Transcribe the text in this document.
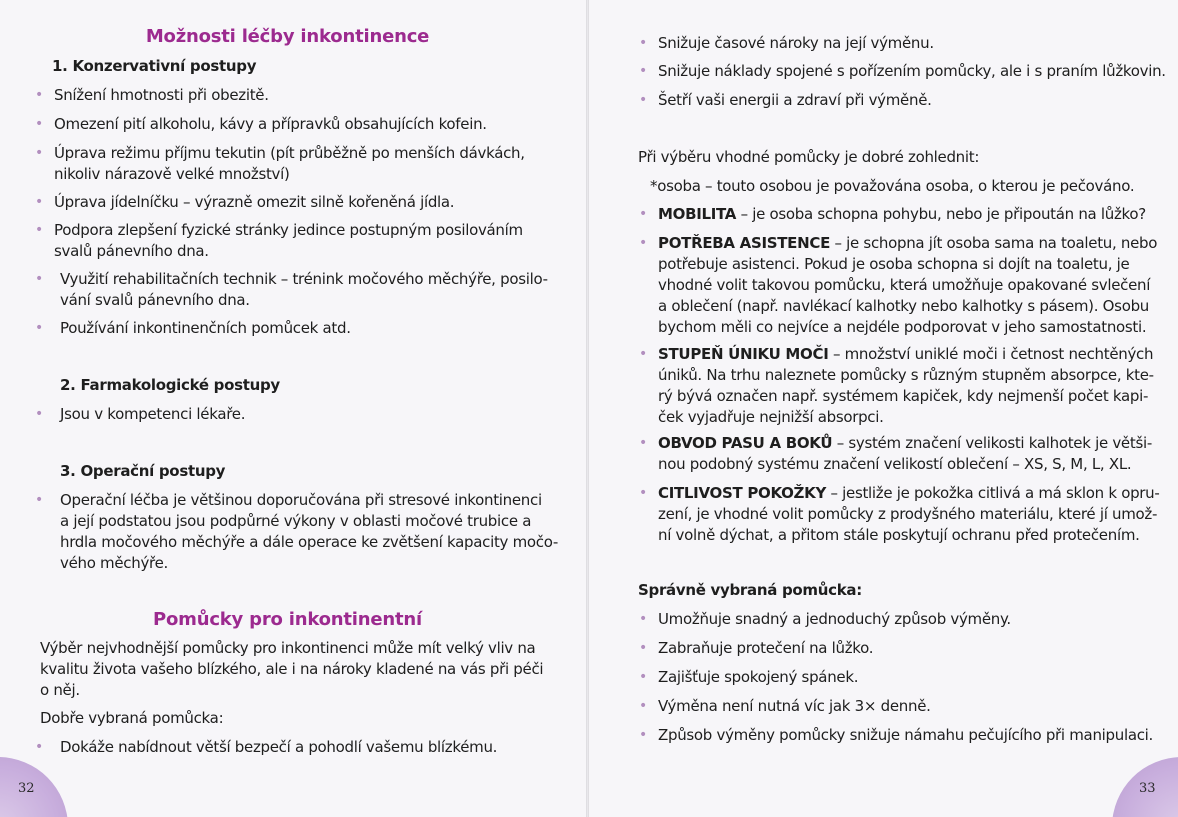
Možnosti léčby inkontinence
1. Konzervativní postupy
• Snížení hmotnosti při obezitě.
• Omezení pití alkoholu, kávy a přípravků obsahujících kofein.
• Úprava režimu příjmu tekutin (pít průběžně po menších dávkách,
nikoliv nárazově velké množství)
• Úprava jídelníčku – výrazně omezit silně kořeněná jídla.
• Podpora zlepšení fyzické stránky jedince postupným posilováním
svalů pánevního dna.
• Využití rehabilitačních technik – trénink močového měchýře, posilo-
vání svalů pánevního dna.
• Používání inkontinenčních pomůcek atd.
2. Farmakologické postupy
• Jsou v kompetenci lékaře.
3. Operační postupy
• Operační léčba je většinou doporučována při stresové inkontinenci
a její podstatou jsou podpůrné výkony v oblasti močové trubice a
hrdla močového měchýře a dále operace ke zvětšení kapacity močo-
vého měchýře.
Pomůcky pro inkontinentní
Výběr nejvhodnější pomůcky pro inkontinenci může mít velký vliv na
kvalitu života vašeho blízkého, ale i na nároky kladené na vás při péči
o něj.
Dobře vybraná pomůcka:
• Dokáže nabídnout větší bezpečí a pohodlí vašemu blízkému.
32
• Snižuje časové nároky na její výměnu.
• Snižuje náklady spojené s pořízením pomůcky, ale i s praním lůžkovin.
• Šetří vaši energii a zdraví při výměně.
Při výběru vhodné pomůcky je dobré zohlednit:
*osoba – touto osobou je považována osoba, o kterou je pečováno.
• MOBILITA – je osoba schopna pohybu, nebo je připoután na lůžko?
• POTŘEBA ASISTENCE – je schopna jít osoba sama na toaletu, nebo
potřebuje asistenci. Pokud je osoba schopna si dojít na toaletu, je
vhodné volit takovou pomůcku, která umožňuje opakované svlečení
a oblečení (např. navlékací kalhotky nebo kalhotky s pásem). Osobu
bychom měli co nejvíce a nejdéle podporovat v jeho samostatnosti.
• STUPEŇ ÚNIKU MOČI – množství uniklé moči i četnost nechtěných
úniků. Na trhu naleznete pomůcky s různým stupněm absorpce, kte-
rý bývá označen např. systémem kapiček, kdy nejmenší počet kapi-
ček vyjadřuje nejnižší absorpci.
• OBVOD PASU A BOKŮ – systém značení velikosti kalhotek je větši-
nou podobný systému značení velikostí oblečení – XS, S, M, L, XL.
• CITLIVOST POKOŽKY – jestliže je pokožka citlivá a má sklon k opru-
zení, je vhodné volit pomůcky z prodyšného materiálu, které jí umož-
ní volně dýchat, a přitom stále poskytují ochranu před protečením.
Správně vybraná pomůcka:
• Umožňuje snadný a jednoduchý způsob výměny.
• Zabraňuje protečení na lůžko.
• Zajišťuje spokojený spánek.
• Výměna není nutná víc jak 3× denně.
• Způsob výměny pomůcky snižuje námahu pečujícího při manipulaci.
33
